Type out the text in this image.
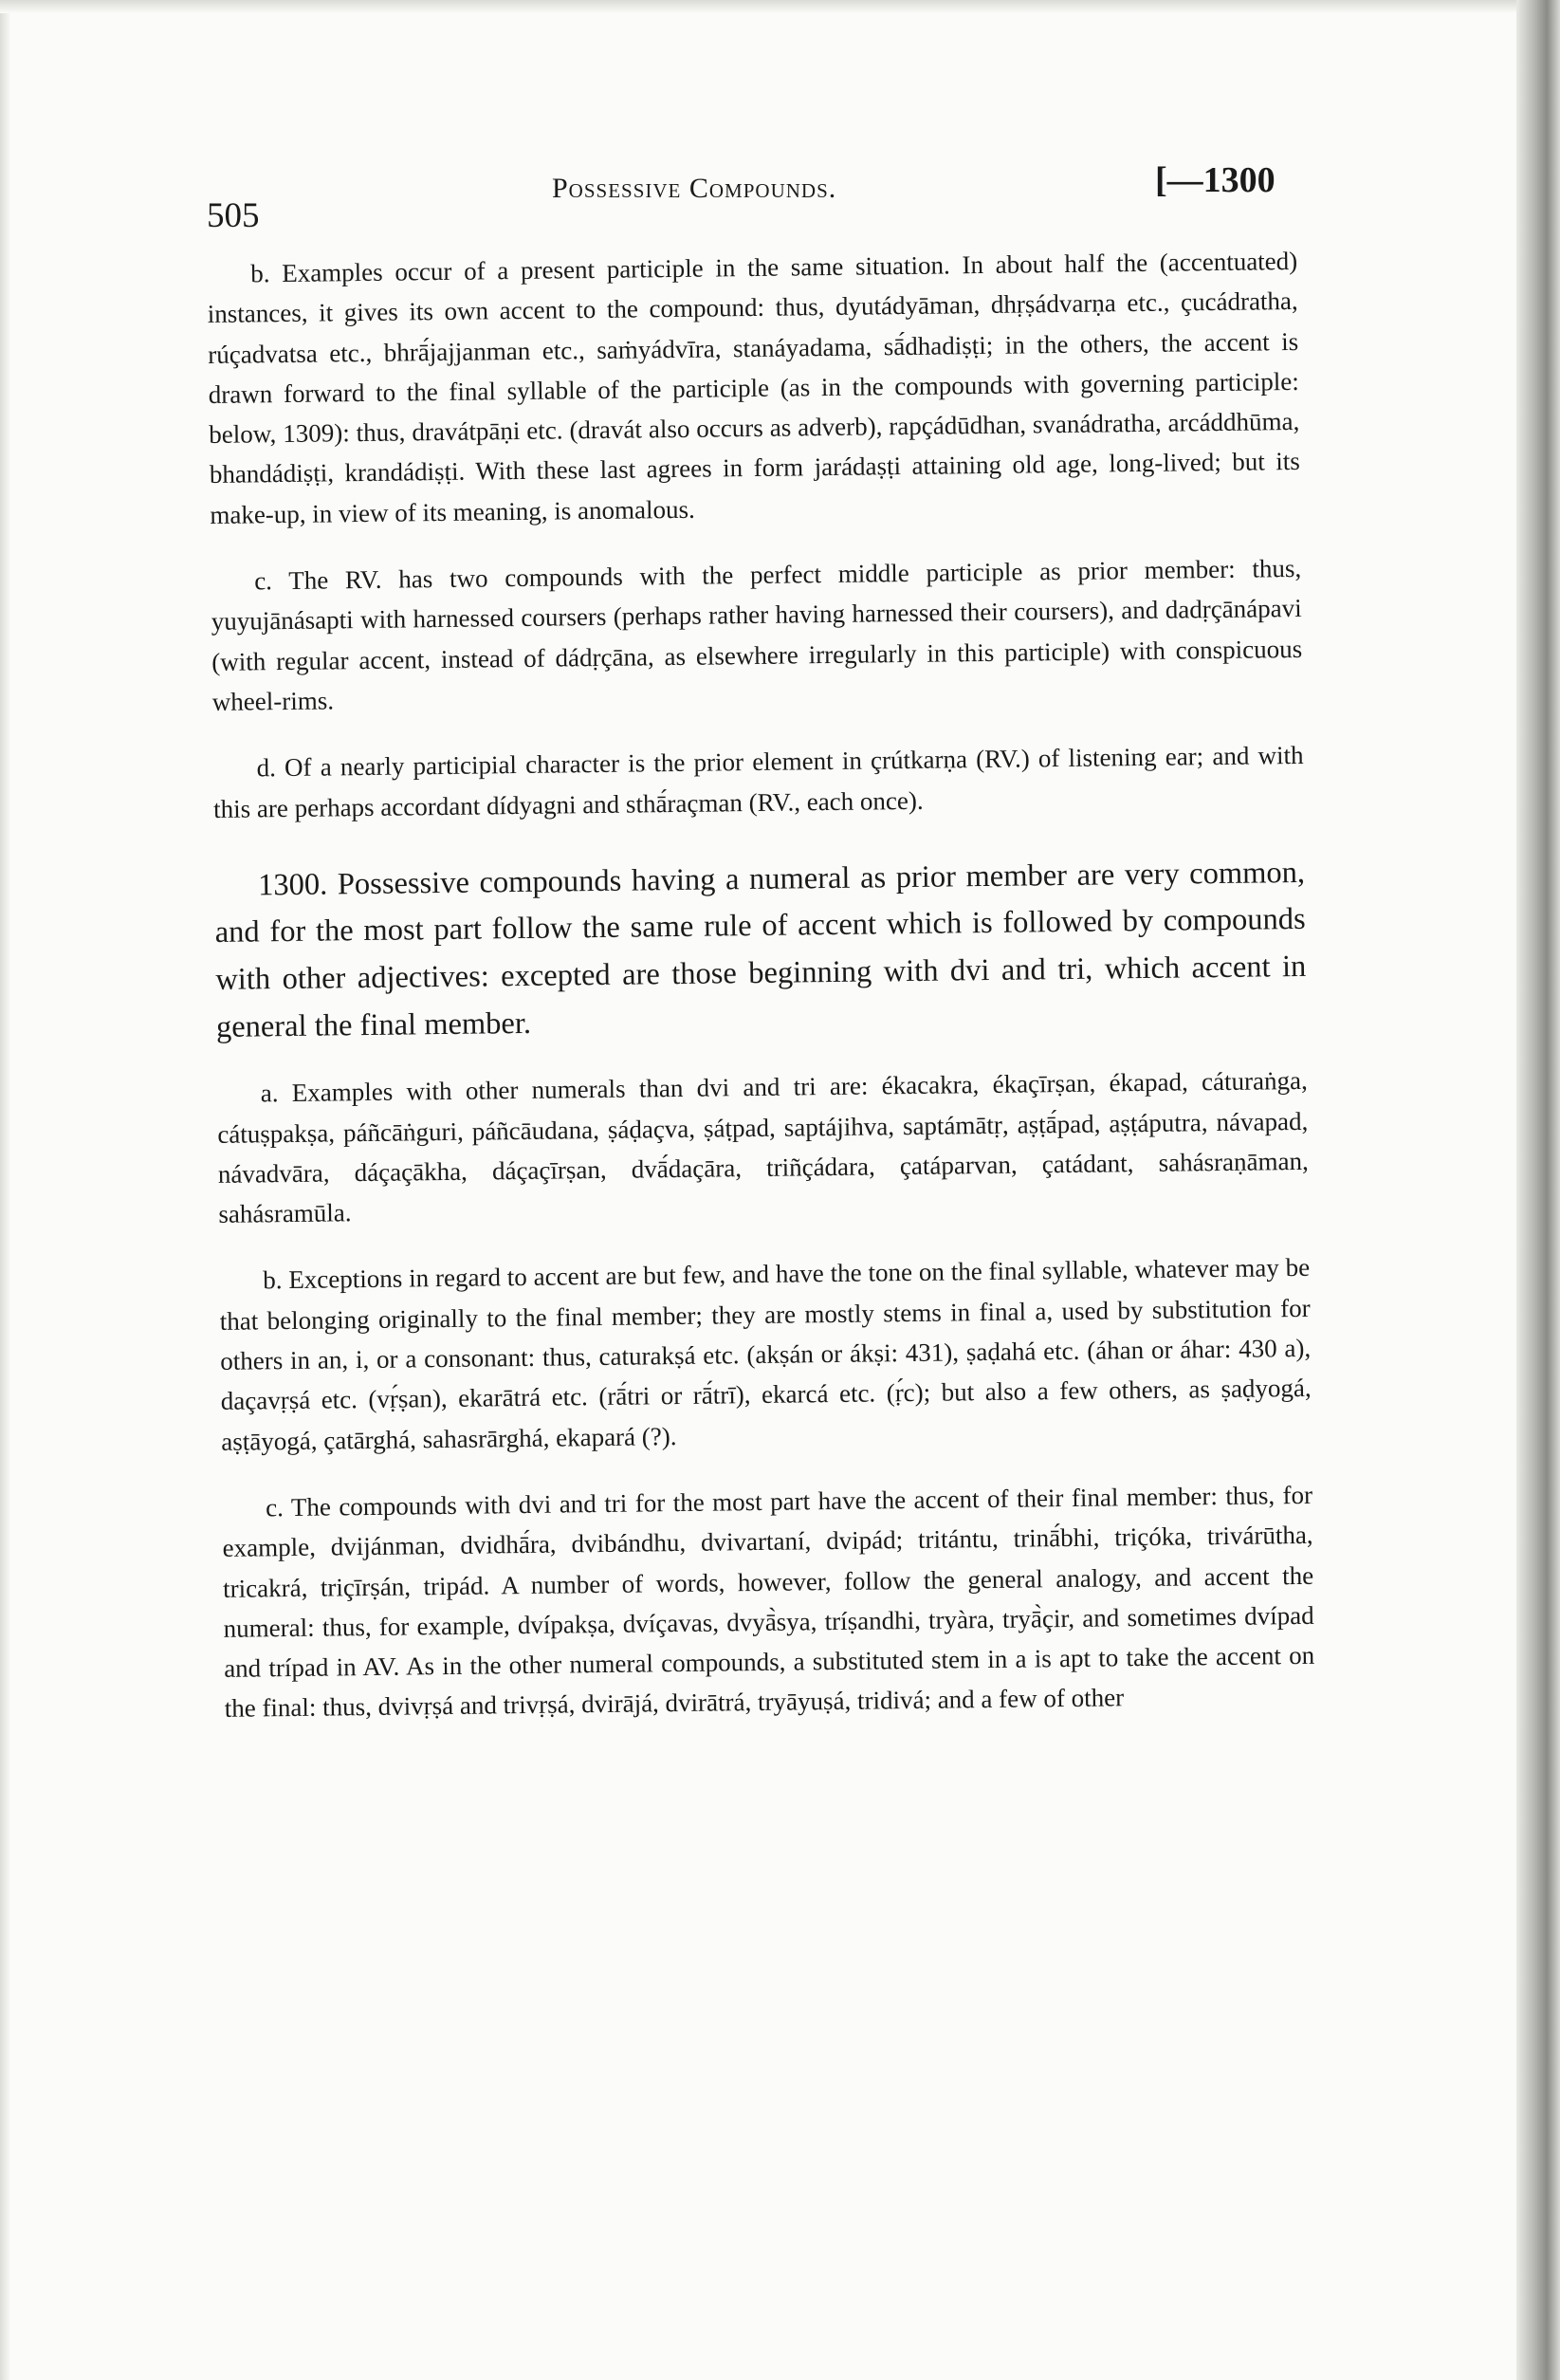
505
Possessive Compounds.	[—1300

b. Examples occur of a present participle in the same situation. In about half the (accentuated) instances, it gives its own accent to the compound: thus, dyutádyāman, dhṛṣádvarṇa etc., çucádratha, rúçadvatsa etc., bhrā́jajjanman etc., saṁyádvīra, stanáyadama, sā́dhadiṣṭi; in the others, the accent is drawn forward to the final syllable of the participle (as in the compounds with governing participle: below, 1309): thus, dravátpāṇi etc. (dravát also occurs as adverb), rapçádūdhan, svanádratha, arcáddhūma, bhandádiṣṭi, krandádiṣṭi. With these last agrees in form jarádaṣṭi attaining old age, long-lived; but its make-up, in view of its meaning, is anomalous.

c. The RV. has two compounds with the perfect middle participle as prior member: thus, yuyujānásapti with harnessed coursers (perhaps rather having harnessed their coursers), and dadṛçānápavi (with regular accent, instead of dádṛçāna, as elsewhere irregularly in this participle) with conspicuous wheel-rims.

d. Of a nearly participial character is the prior element in çrútkarṇa (RV.) of listening ear; and with this are perhaps accordant dídyagni and sthā́raçman (RV., each once).

1300. Possessive compounds having a numeral as prior member are very common, and for the most part follow the same rule of accent which is followed by compounds with other adjectives: excepted are those beginning with dvi and tri, which accent in general the final member.

a. Examples with other numerals than dvi and tri are: ékacakra, ékaçīrṣan, ékapad, cáturaṅga, cátuṣpakṣa, páñcāṅguri, páñcāudana, ṣáḍaçva, ṣáṭpad, saptájihva, saptámātṛ, aṣṭā́pad, aṣṭáputra, návapad, návadvāra, dáçaçākha, dáçaçīrṣan, dvā́daçāra, triñçádara, çatáparvan, çatádant, sahásraṇāman, sahásramūla.

b. Exceptions in regard to accent are but few, and have the tone on the final syllable, whatever may be that belonging originally to the final member; they are mostly stems in final a, used by substitution for others in an, i, or a consonant: thus, caturakṣá etc. (akṣán or ákṣi: 431), ṣaḍahá etc. (áhan or áhar: 430 a), daçavṛṣá etc. (vṛ́ṣan), ekarātrá etc. (rā́tri or rā́trī), ekarcá etc. (ṛ́c); but also a few others, as ṣaḍyogá, aṣṭāyogá, çatārghá, sahasrārghá, ekapará (?).

c. The compounds with dvi and tri for the most part have the accent of their final member: thus, for example, dvijánman, dvidhā́ra, dvibándhu, dvivartaní, dvipád; tritántu, trinā́bhi, triçóka, trivárūtha, tricakrá, triçīrṣán, tripád. A number of words, however, follow the general analogy, and accent the numeral: thus, for example, dvípakṣa, dvíçavas, dvyā̀sya, tríṣandhi, tryàra, tryā̀çir, and sometimes dvípad and trípad in AV. As in the other numeral compounds, a substituted stem in a is apt to take the accent on the final: thus, dvivṛṣá and trivṛṣá, dvirājá, dvirātrá, tryāyuṣá, tridivá; and a few of other
